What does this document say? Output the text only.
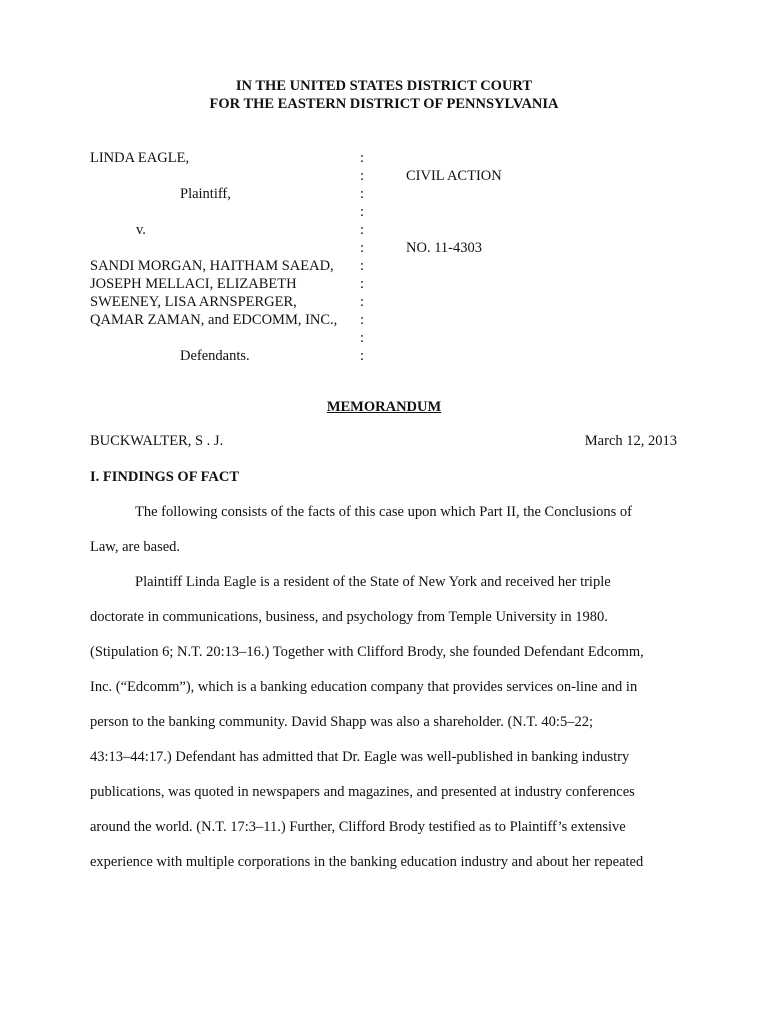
IN THE UNITED STATES DISTRICT COURT
FOR THE EASTERN DISTRICT OF PENNSYLVANIA
LINDA EAGLE,
Plaintiff,
v.
SANDI MORGAN, HAITHAM SAEAD,
JOSEPH MELLACI, ELIZABETH
SWEENEY, LISA ARNSPERGER,
QAMAR ZAMAN, and EDCOMM, INC.,
Defendants.
:
:
:
:
:
:
:
:
:
:
:
:
CIVIL ACTION
NO. 11-4303
MEMORANDUM
BUCKWALTER, S . J.	March 12, 2013
I. FINDINGS OF FACT
The following consists of the facts of this case upon which Part II, the Conclusions of
Law, are based.
Plaintiff Linda Eagle is a resident of the State of New York and received her triple
doctorate in communications, business, and psychology from Temple University in 1980.
(Stipulation 6; N.T. 20:13–16.) Together with Clifford Brody, she founded Defendant Edcomm,
Inc. (“Edcomm”), which is a banking education company that provides services on-line and in
person to the banking community. David Shapp was also a shareholder. (N.T. 40:5–22;
43:13–44:17.) Defendant has admitted that Dr. Eagle was well-published in banking industry
publications, was quoted in newspapers and magazines, and presented at industry conferences
around the world. (N.T. 17:3–11.) Further, Clifford Brody testified as to Plaintiff’s extensive
experience with multiple corporations in the banking education industry and about her repeated
